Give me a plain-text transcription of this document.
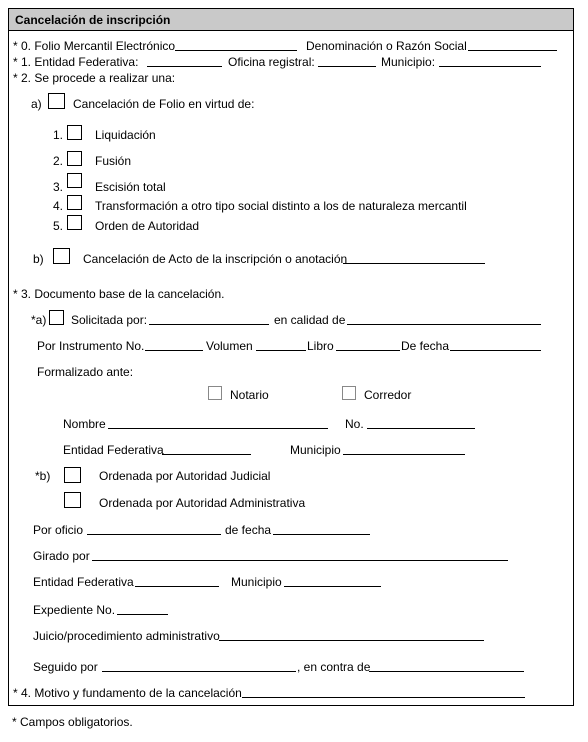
Cancelación de inscripción
* 0. Folio Mercantil Electrónico	Denominación o Razón Social
* 1. Entidad Federativa:	Oficina registral:	Municipio:
* 2. Se procede a realizar una:
a)	Cancelación de Folio en virtud de:
1.	Liquidación
2.	Fusión
3.	Escisión total
4.	Transformación a otro tipo social distinto a los de naturaleza mercantil
5.	Orden de Autoridad
b)	Cancelación de Acto de la inscripción o anotación
* 3. Documento base de la cancelación.
*a) Solicitada por:	en calidad de
Por Instrumento No.	Volumen	Libro	De fecha
Formalizado ante:
Notario	Corredor
Nombre	No.
Entidad Federativa	Municipio
*b)	Ordenada por Autoridad Judicial
Ordenada por Autoridad Administrativa
Por oficio	de fecha
Girado por
Entidad Federativa	Municipio
Expediente No.
Juicio/procedimiento administrativo
Seguido por	, en contra de
* 4. Motivo y fundamento de la cancelación
* Campos obligatorios.
